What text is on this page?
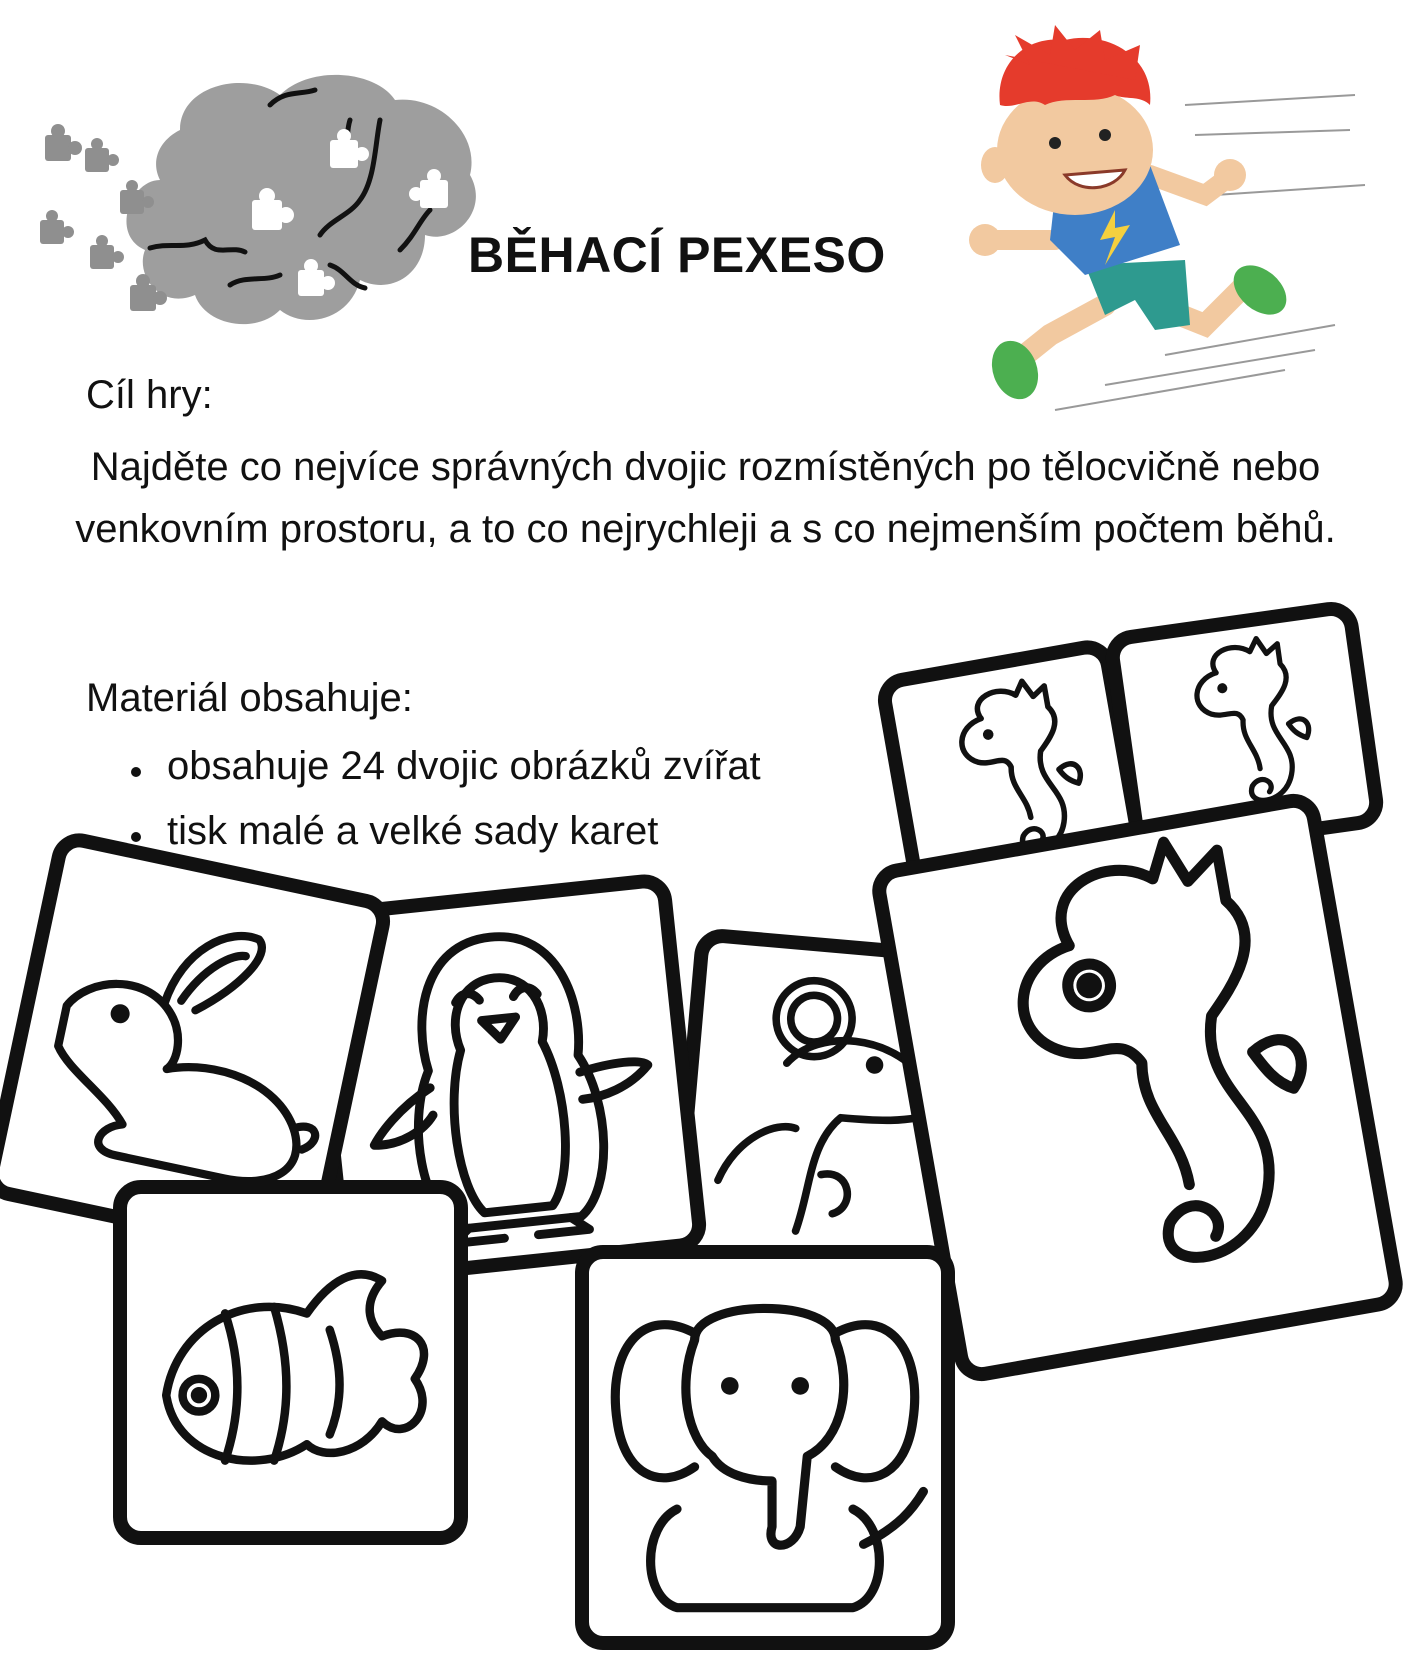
BĚHACÍ PEXESO
Cíl hry:
Najděte co nejvíce správných dvojic rozmístěných po tělocvičně nebo venkovním prostoru, a to co nejrychleji a s co nejmenším počtem běhů.
Materiál obsahuje:
obsahuje 24 dvojic obrázků zvířat
tisk malé a velké sady karet
